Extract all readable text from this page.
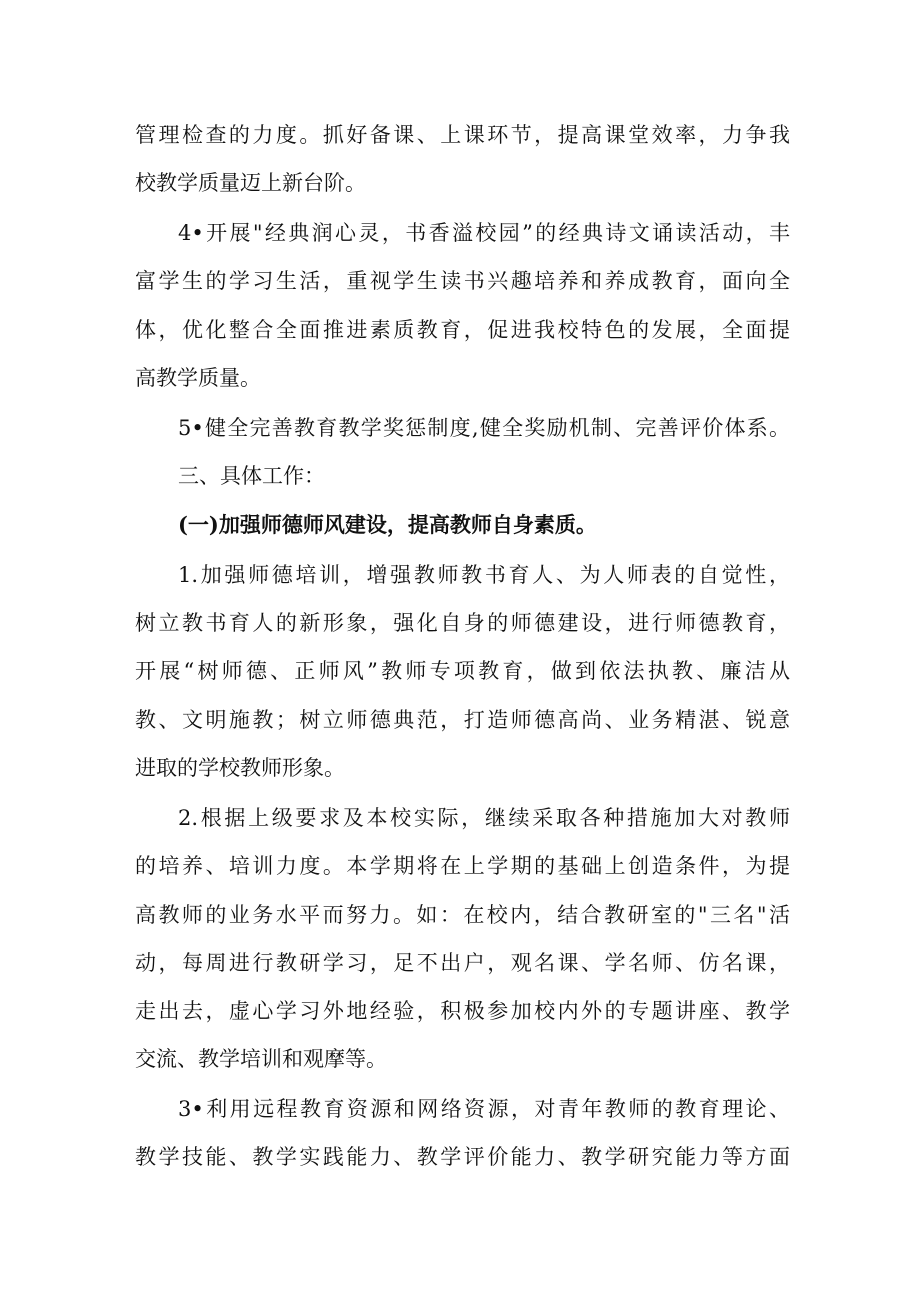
管理检查的力度。抓好备课、上课环节，提高课堂效率，力争我
校教学质量迈上新台阶。
4•开展"经典润心灵，书香溢校园”的经典诗文诵读活动，丰
富学生的学习生活，重视学生读书兴趣培养和养成教育，面向全
体，优化整合全面推进素质教育，促进我校特色的发展，全面提
高教学质量。
5•健全完善教育教学奖惩制度,健全奖励机制、完善评价体系。
三、具体工作：
(一)加强师德师风建设，提高教师自身素质。
1.加强师德培训，增强教师教书育人、为人师表的自觉性，
树立教书育人的新形象，强化自身的师德建设，进行师德教育，
开展“树师德、正师风”教师专项教育，做到依法执教、廉洁从
教、文明施教；树立师德典范，打造师德高尚、业务精湛、锐意
进取的学校教师形象。
2.根据上级要求及本校实际，继续采取各种措施加大对教师
的培养、培训力度。本学期将在上学期的基础上创造条件，为提
高教师的业务水平而努力。如：在校内，结合教研室的"三名"活
动，每周进行教研学习，足不出户，观名课、学名师、仿名课，
走出去，虚心学习外地经验，积极参加校内外的专题讲座、教学
交流、教学培训和观摩等。
3•利用远程教育资源和网络资源，对青年教师的教育理论、
教学技能、教学实践能力、教学评价能力、教学研究能力等方面
